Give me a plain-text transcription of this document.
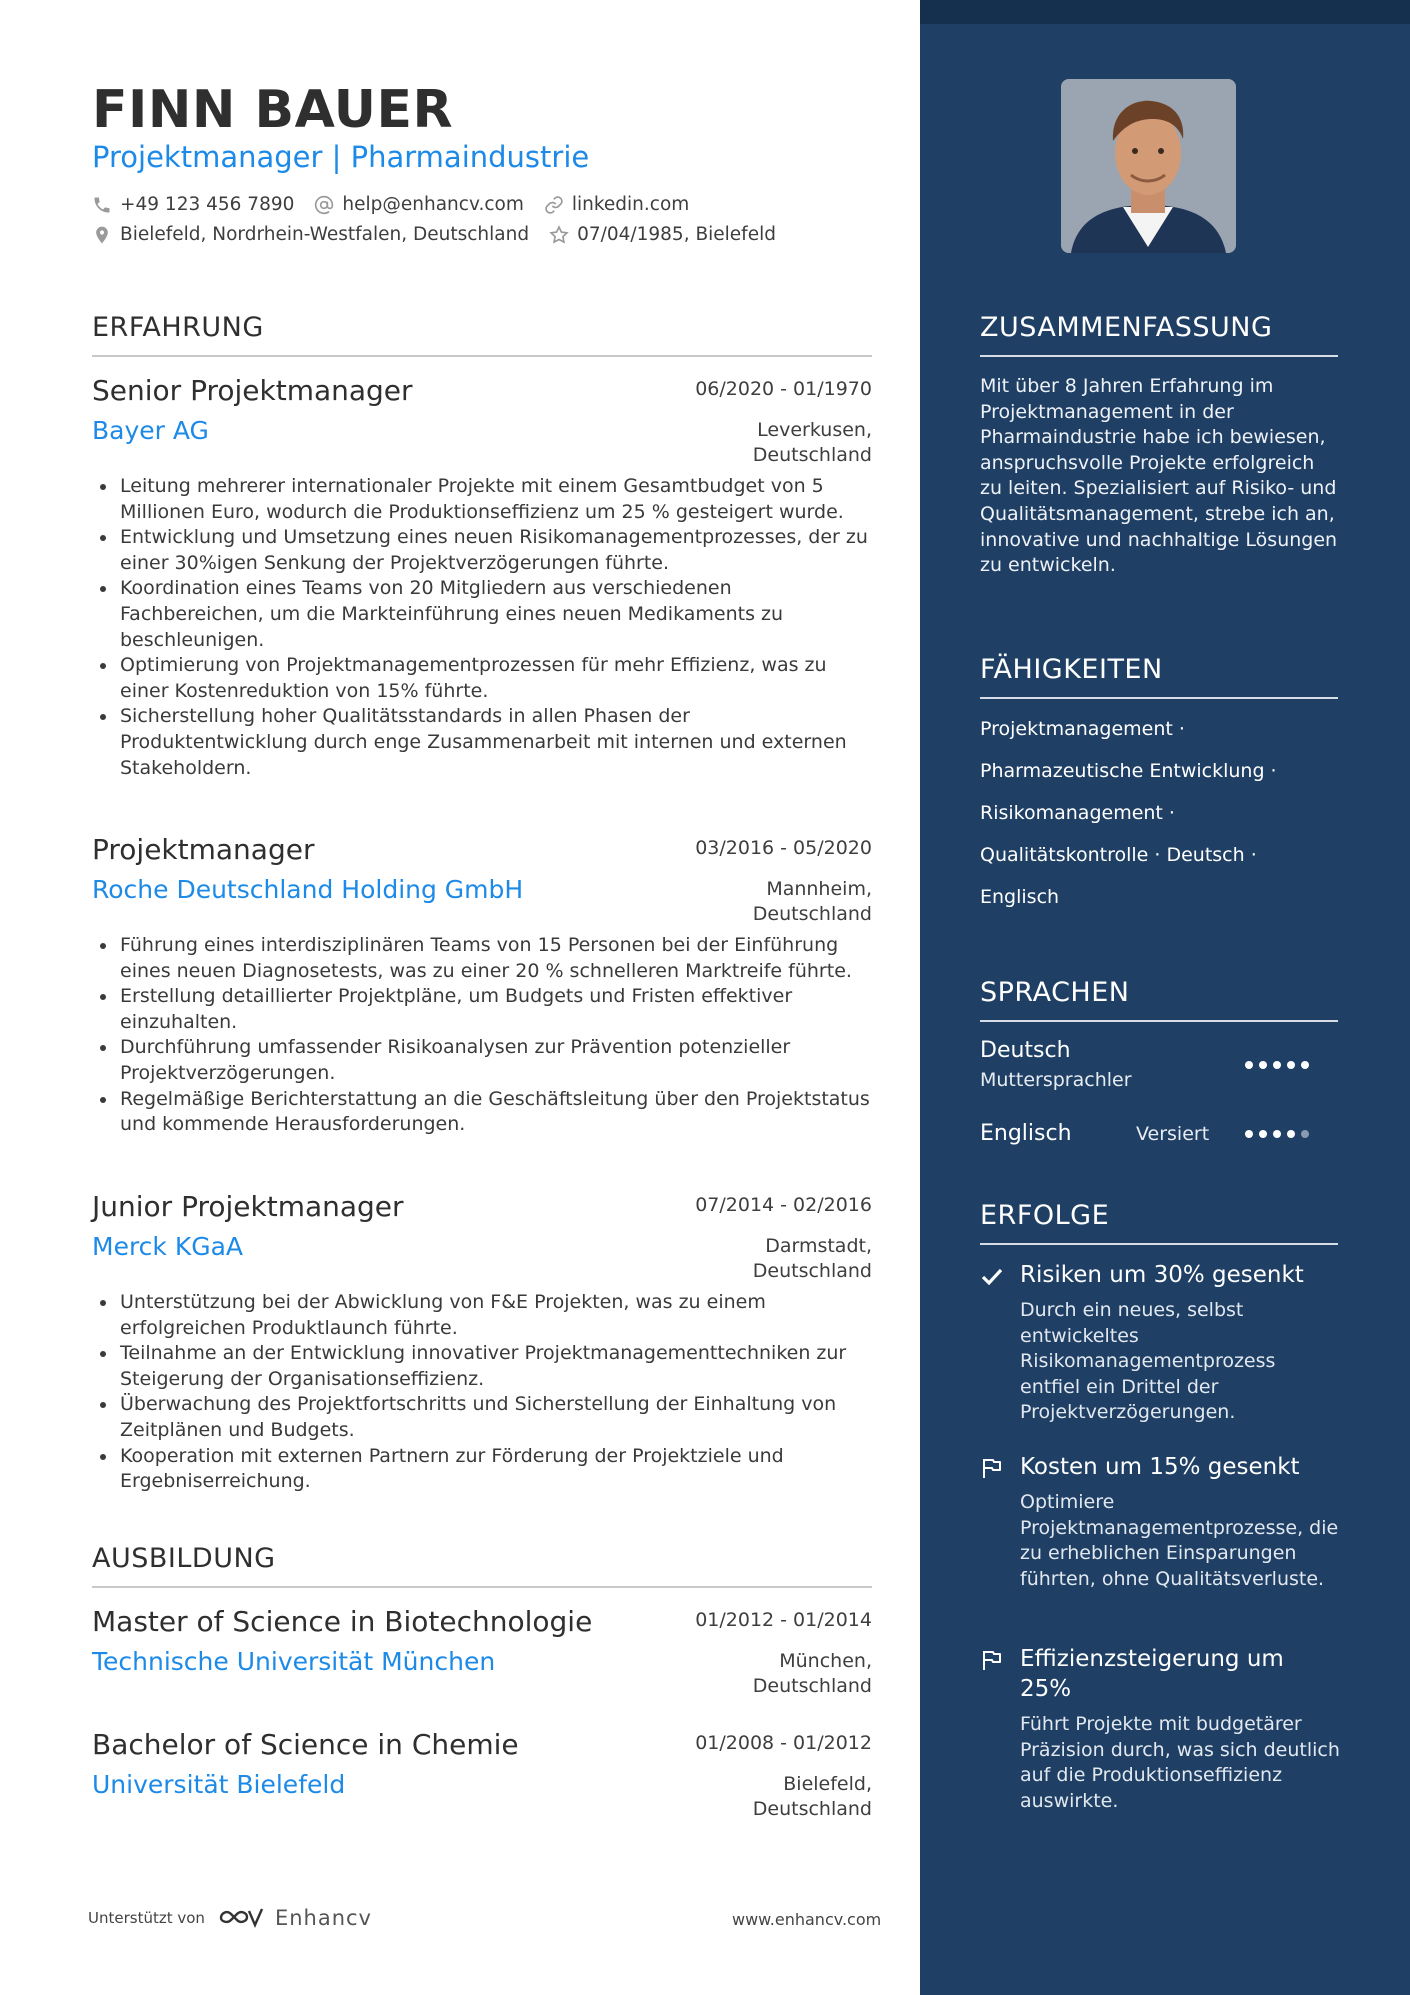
FINN BAUER
Projektmanager | Pharmaindustrie
+49 123 456 7890	help@enhancv.com	linkedin.com
Bielefeld, Nordrhein-Westfalen, Deutschland	07/04/1985, Bielefeld
ERFAHRUNG
Senior Projektmanager	06/2020 - 01/1970
Bayer AG	Leverkusen,
Deutschland
Leitung mehrerer internationaler Projekte mit einem Gesamtbudget von 5 Millionen Euro, wodurch die Produktionseffizienz um 25 % gesteigert wurde.
Entwicklung und Umsetzung eines neuen Risikomanagementprozesses, der zu einer 30%igen Senkung der Projektverzögerungen führte.
Koordination eines Teams von 20 Mitgliedern aus verschiedenen Fachbereichen, um die Markteinführung eines neuen Medikaments zu beschleunigen.
Optimierung von Projektmanagementprozessen für mehr Effizienz, was zu einer Kostenreduktion von 15% führte.
Sicherstellung hoher Qualitätsstandards in allen Phasen der Produktentwicklung durch enge Zusammenarbeit mit internen und externen Stakeholdern.
Projektmanager	03/2016 - 05/2020
Roche Deutschland Holding GmbH	Mannheim,
Deutschland
Führung eines interdisziplinären Teams von 15 Personen bei der Einführung eines neuen Diagnosetests, was zu einer 20 % schnelleren Marktreife führte.
Erstellung detaillierter Projektpläne, um Budgets und Fristen effektiver einzuhalten.
Durchführung umfassender Risikoanalysen zur Prävention potenzieller Projektverzögerungen.
Regelmäßige Berichterstattung an die Geschäftsleitung über den Projektstatus und kommende Herausforderungen.
Junior Projektmanager	07/2014 - 02/2016
Merck KGaA	Darmstadt,
Deutschland
Unterstützung bei der Abwicklung von F&E Projekten, was zu einem erfolgreichen Produktlaunch führte.
Teilnahme an der Entwicklung innovativer Projektmanagementtechniken zur Steigerung der Organisationseffizienz.
Überwachung des Projektfortschritts und Sicherstellung der Einhaltung von Zeitplänen und Budgets.
Kooperation mit externen Partnern zur Förderung der Projektziele und Ergebniserreichung.
AUSBILDUNG
Master of Science in Biotechnologie	01/2012 - 01/2014
Technische Universität München	München,
Deutschland
Bachelor of Science in Chemie	01/2008 - 01/2012
Universität Bielefeld	Bielefeld,
Deutschland
Unterstützt von	Enhancv	www.enhancv.com
ZUSAMMENFASSUNG
Mit über 8 Jahren Erfahrung im Projektmanagement in der Pharmaindustrie habe ich bewiesen, anspruchsvolle Projekte erfolgreich zu leiten. Spezialisiert auf Risiko- und Qualitätsmanagement, strebe ich an, innovative und nachhaltige Lösungen zu entwickeln.
FÄHIGKEITEN
Projektmanagement ·
Pharmazeutische Entwicklung ·
Risikomanagement ·
Qualitätskontrolle · Deutsch ·
Englisch
SPRACHEN
Deutsch
Muttersprachler
Englisch	Versiert
ERFOLGE
Risiken um 30% gesenkt
Durch ein neues, selbst entwickeltes Risikomanagementprozess entfiel ein Drittel der Projektverzögerungen.
Kosten um 15% gesenkt
Optimiere Projektmanagementprozesse, die zu erheblichen Einsparungen führten, ohne Qualitätsverluste.
Effizienzsteigerung um 25%
Führt Projekte mit budgetärer Präzision durch, was sich deutlich auf die Produktionseffizienz auswirkte.
